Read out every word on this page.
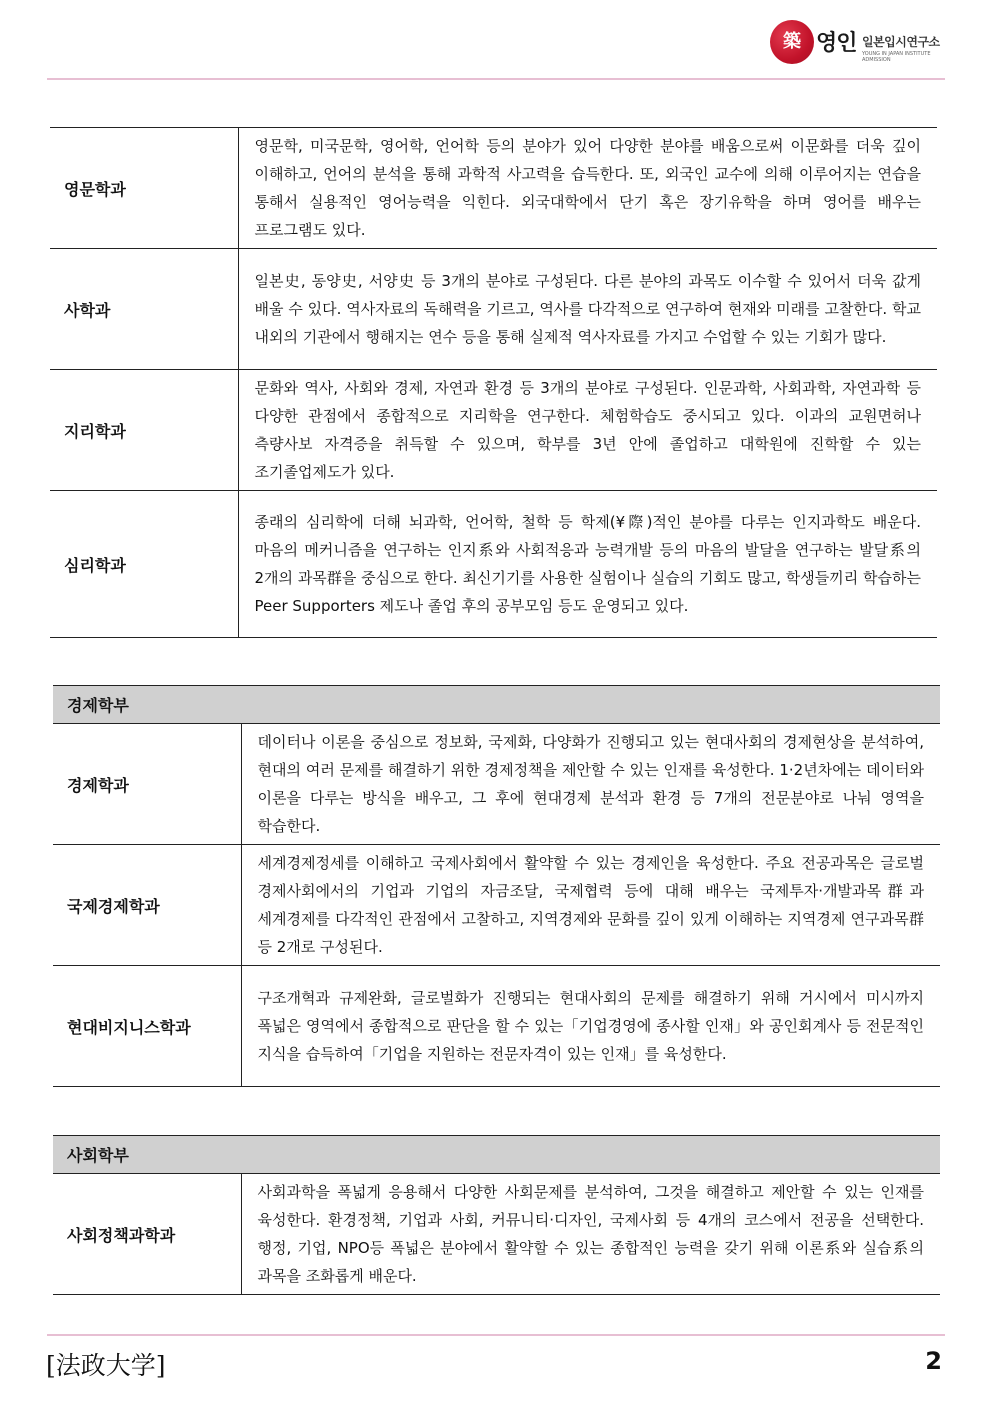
築 영인 일본입시연구소
YOUNG IN JAPAN INSTITUTE ADMISSION
영문학과	영문학, 미국문학, 영어학, 언어학 등의 분야가 있어 다양한 분야를 배움으로써 이문화를 더욱 깊이 이해하고, 언어의 분석을 통해 과학적 사고력을 습득한다. 또, 외국인 교수에 의해 이루어지는 연습을 통해서 실용적인 영어능력을 익힌다. 외국대학에서 단기 혹은 장기유학을 하며 영어를 배우는 프로그램도 있다.
사학과	일본史, 동양史, 서양史 등 3개의 분야로 구성된다. 다른 분야의 과목도 이수할 수 있어서 더욱 값게 배울 수 있다. 역사자료의 독해력을 기르고, 역사를 다각적으로 연구하여 현재와 미래를 고찰한다. 학교 내외의 기관에서 행해지는 연수 등을 통해 실제적 역사자료를 가지고 수업할 수 있는 기회가 많다.
지리학과	문화와 역사, 사회와 경제, 자연과 환경 등 3개의 분야로 구성된다. 인문과학, 사회과학, 자연과학 등 다양한 관점에서 종합적으로 지리학을 연구한다. 체험학습도 중시되고 있다. 이과의 교원면허나 측량사보 자격증을 취득할 수 있으며, 학부를 3년 안에 졸업하고 대학원에 진학할 수 있는 조기졸업제도가 있다.
심리학과	종래의 심리학에 더해 뇌과학, 언어학, 철학 등 학제(¥際)적인 분야를 다루는 인지과학도 배운다. 마음의 메커니즘을 연구하는 인지系와 사회적응과 능력개발 등의 마음의 발달을 연구하는 발달系의 2개의 과목群을 중심으로 한다. 최신기기를 사용한 실험이나 실습의 기회도 많고, 학생들끼리 학습하는 Peer Supporters 제도나 졸업 후의 공부모임 등도 운영되고 있다.
경제학부	
경제학과	데이터나 이론을 중심으로 정보화, 국제화, 다양화가 진행되고 있는 현대사회의 경제현상을 분석하여, 현대의 여러 문제를 해결하기 위한 경제정책을 제안할 수 있는 인재를 육성한다. 1·2년차에는 데이터와 이론을 다루는 방식을 배우고, 그 후에 현대경제 분석과 환경 등 7개의 전문분야로 나눠 영역을 학습한다.
국제경제학과	세계경제정세를 이해하고 국제사회에서 활약할 수 있는 경제인을 육성한다. 주요 전공과목은 글로벌 경제사회에서의 기업과 기업의 자금조달, 국제협력 등에 대해 배우는 국제투자·개발과목群과 세계경제를 다각적인 관점에서 고찰하고, 지역경제와 문화를 깊이 있게 이해하는 지역경제 연구과목群 등 2개로 구성된다.
현대비지니스학과	구조개혁과 규제완화, 글로벌화가 진행되는 현대사회의 문제를 해결하기 위해 거시에서 미시까지 폭넓은 영역에서 종합적으로 판단을 할 수 있는「기업경영에 종사할 인재」와 공인회계사 등 전문적인 지식을 습득하여「기업을 지원하는 전문자격이 있는 인재」를 육성한다.
사회학부
사회정책과학과	사회과학을 폭넓게 응용해서 다양한 사회문제를 분석하여, 그것을 해결하고 제안할 수 있는 인재를 육성한다. 환경정책, 기업과 사회, 커뮤니티·디자인, 국제사회 등 4개의 코스에서 전공을 선택한다. 행정, 기업, NPO등 폭넓은 분야에서 활약할 수 있는 종합적인 능력을 갖기 위해 이론系와 실습系의 과목을 조화롭게 배운다.
[法政大学]	2
